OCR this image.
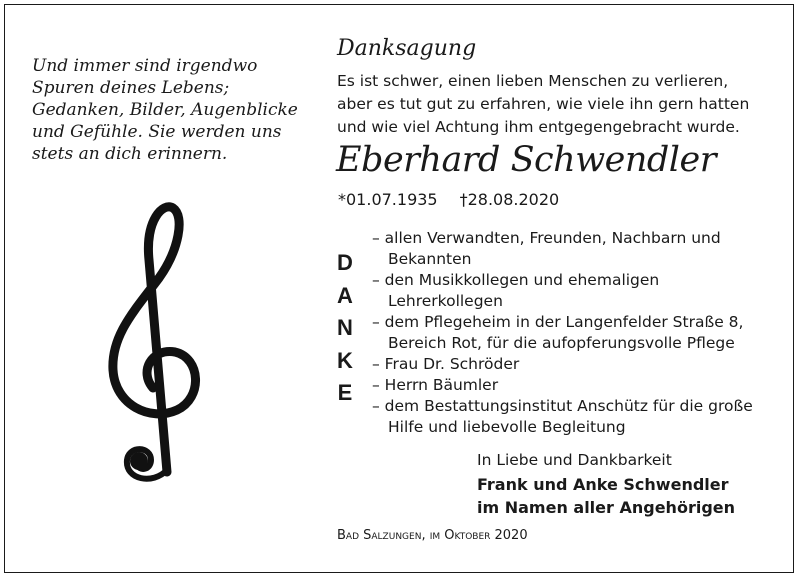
Und immer sind irgendwo
Spuren deines Lebens;
Gedanken, Bilder, Augenblicke
und Gefühle. Sie werden uns
stets an dich erinnern.
Danksagung
Es ist schwer, einen lieben Menschen zu verlieren,
aber es tut gut zu erfahren, wie viele ihn gern hatten
und wie viel Achtung ihm entgegengebracht wurde.
Eberhard Schwendler
*01.07.1935 †28.08.2020
D
A
N
K
E
– allen Verwandten, Freunden, Nachbarn und
Bekannten
– den Musikkollegen und ehemaligen
Lehrerkollegen
– dem Pflegeheim in der Langenfelder Straße 8,
Bereich Rot, für die aufopferungsvolle Pflege
– Frau Dr. Schröder
– Herrn Bäumler
– dem Bestattungsinstitut Anschütz für die große
Hilfe und liebevolle Begleitung
In Liebe und Dankbarkeit
Frank und Anke Schwendler
im Namen aller Angehörigen
Bad Salzungen, im Oktober 2020
